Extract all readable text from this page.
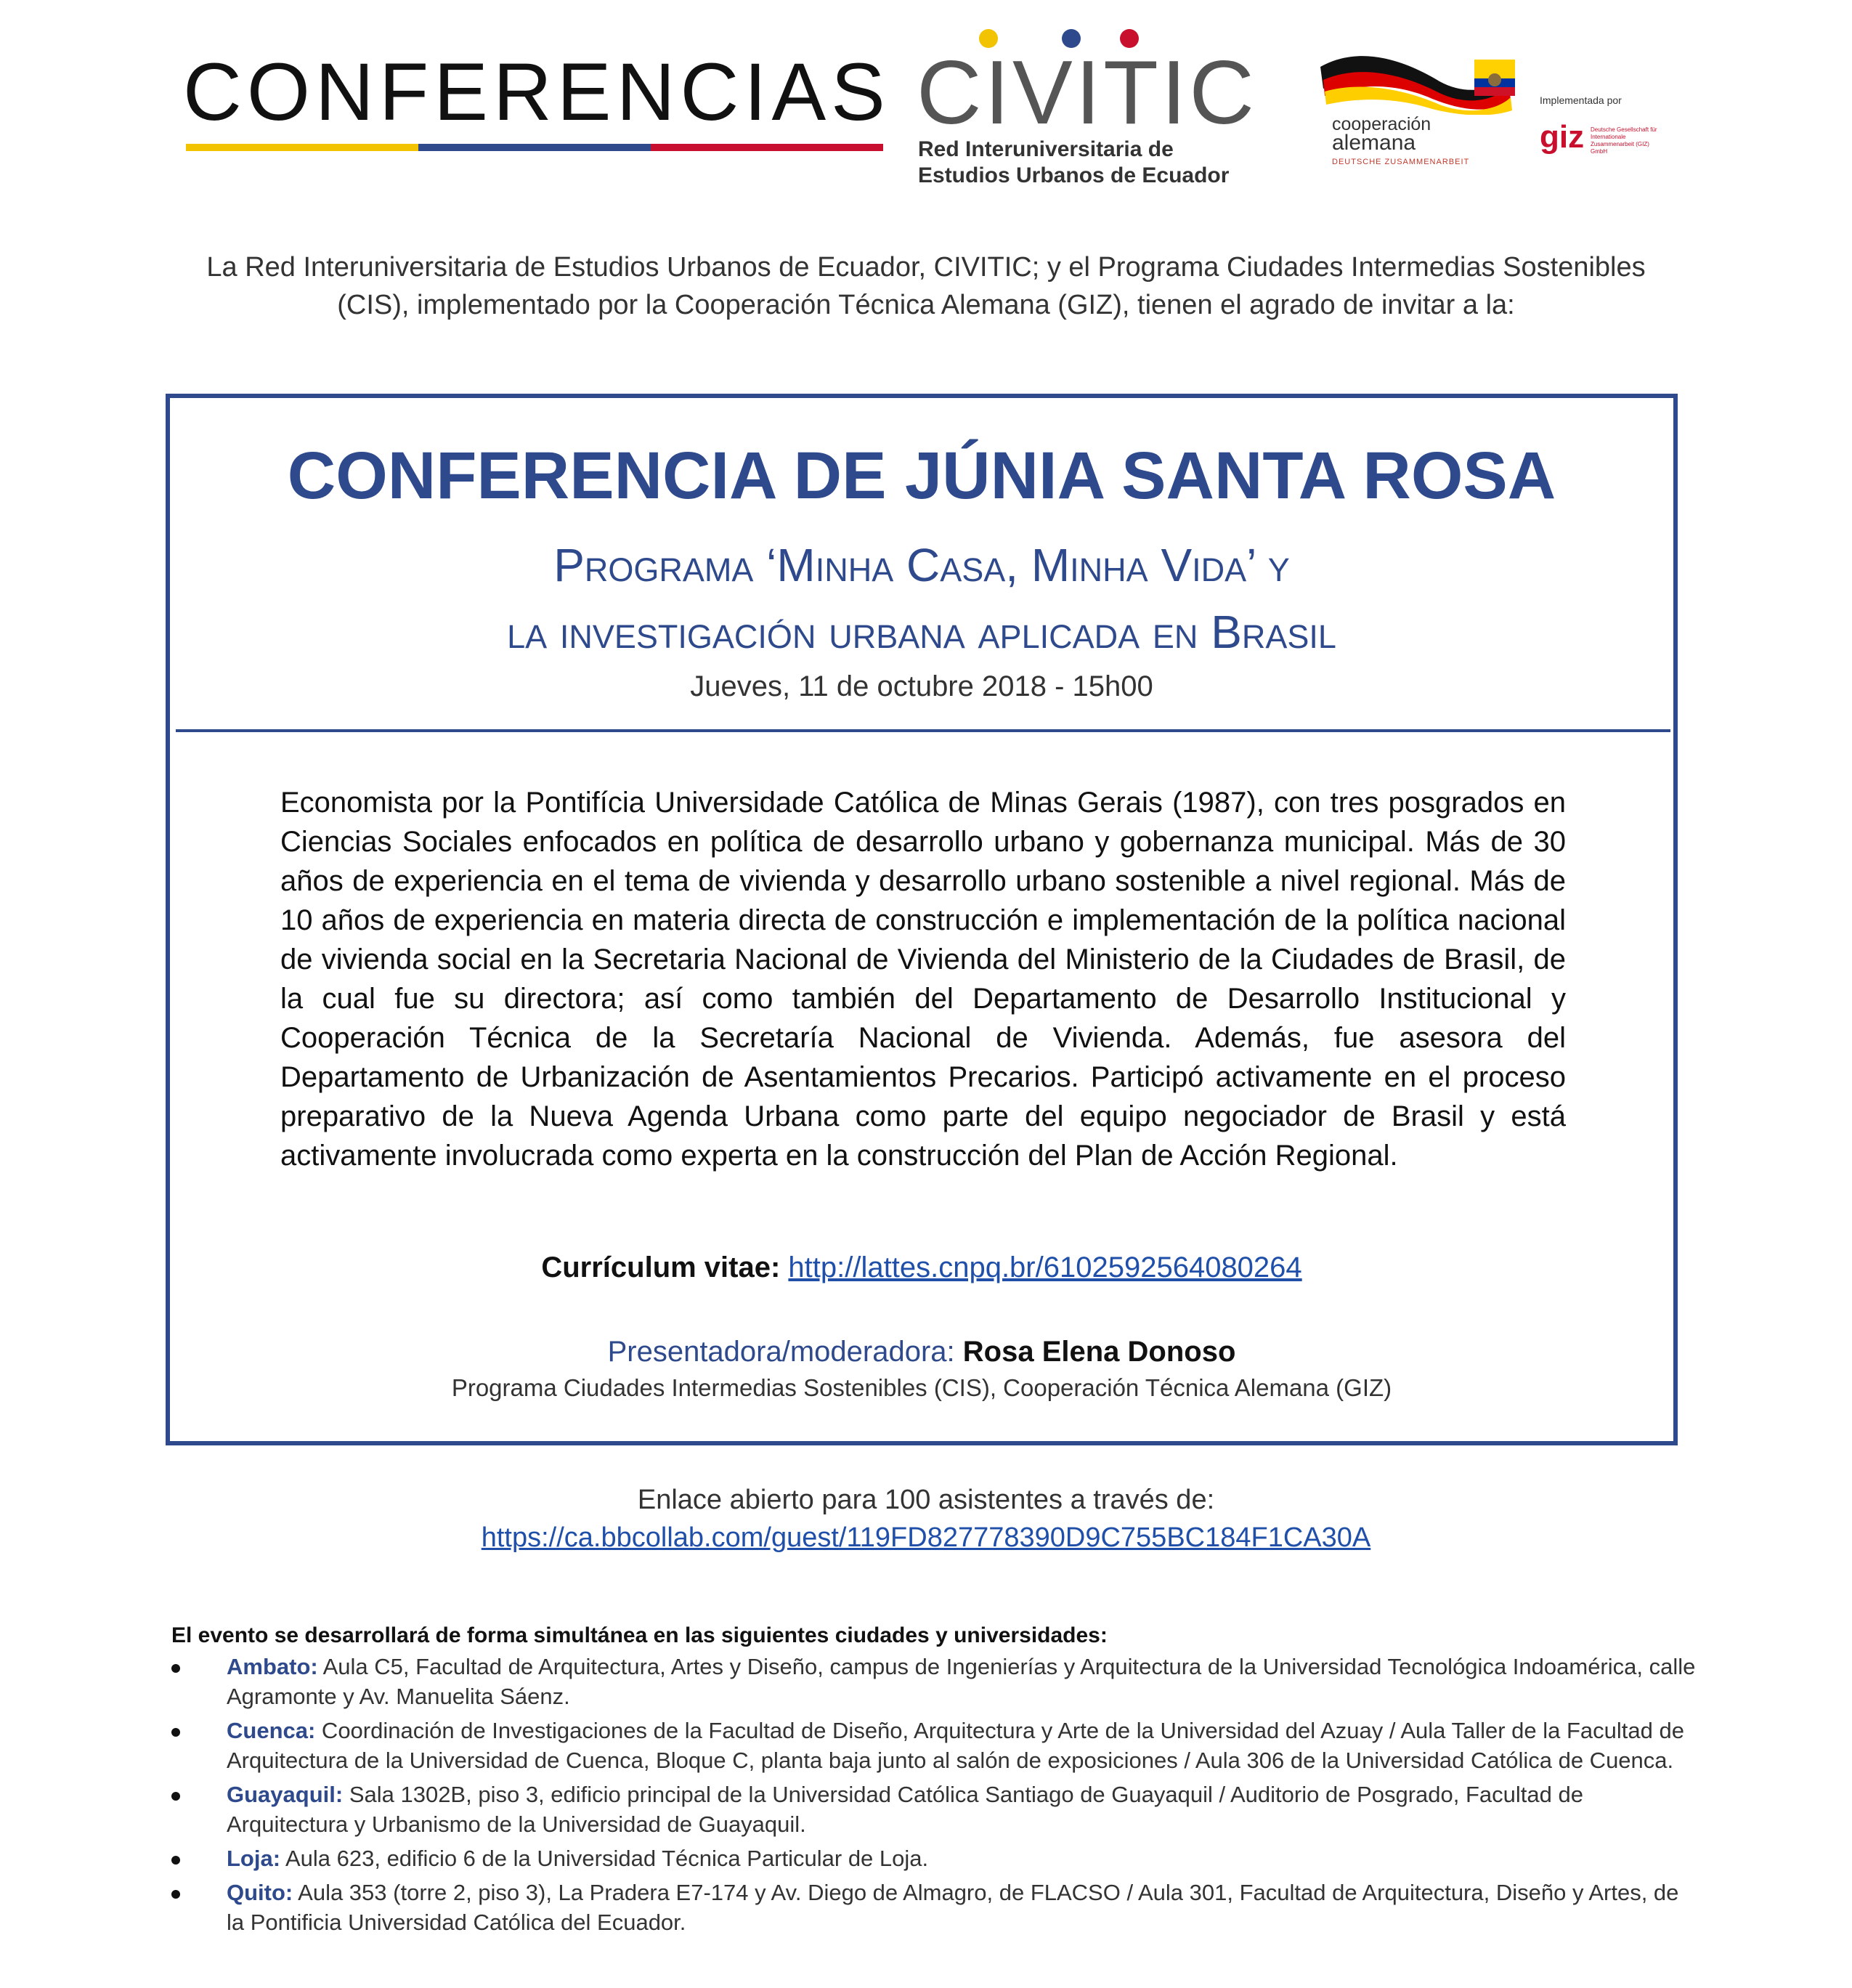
CONFERENCIAS CIVITIC
Red Interuniversitaria de
Estudios Urbanos de Ecuador
cooperación
alemana
DEUTSCHE ZUSAMMENARBEIT
Implementada por
giz Deutsche Gesellschaft für Internationale Zusammenarbeit (GIZ) GmbH
La Red Interuniversitaria de Estudios Urbanos de Ecuador, CIVITIC; y el Programa Ciudades Intermedias Sostenibles (CIS), implementado por la Cooperación Técnica Alemana (GIZ), tienen el agrado de invitar a la:
CONFERENCIA DE JÚNIA SANTA ROSA
Programa ‘Minha Casa, Minha Vida’ y
la investigación urbana aplicada en Brasil
Jueves, 11 de octubre 2018 - 15h00
Economista por la Pontifícia Universidade Católica de Minas Gerais (1987), con tres posgrados en Ciencias Sociales enfocados en política de desarrollo urbano y gobernanza municipal. Más de 30 años de experiencia en el tema de vivienda y desarrollo urbano sostenible a nivel regional. Más de 10 años de experiencia en materia directa de construcción e implementación de la política nacional de vivienda social en la Secretaria Nacional de Vivienda del Ministerio de la Ciudades de Brasil, de la cual fue su directora; así como también del Departamento de Desarrollo Institucional y Cooperación Técnica de la Secretaría Nacional de Vivienda. Además, fue asesora del Departamento de Urbanización de Asentamientos Precarios. Participó activamente en el proceso preparativo de la Nueva Agenda Urbana como parte del equipo negociador de Brasil y está activamente involucrada como experta en la construcción del Plan de Acción Regional.
Currículum vitae: http://lattes.cnpq.br/6102592564080264
Presentadora/moderadora: Rosa Elena Donoso
Programa Ciudades Intermedias Sostenibles (CIS), Cooperación Técnica Alemana (GIZ)
Enlace abierto para 100 asistentes a través de:
https://ca.bbcollab.com/guest/119FD827778390D9C755BC184F1CA30A
El evento se desarrollará de forma simultánea en las siguientes ciudades y universidades:
Ambato: Aula C5, Facultad de Arquitectura, Artes y Diseño, campus de Ingenierías y Arquitectura de la Universidad Tecnológica Indoamérica, calle Agramonte y Av. Manuelita Sáenz.
Cuenca: Coordinación de Investigaciones de la Facultad de Diseño, Arquitectura y Arte de la Universidad del Azuay / Aula Taller de la Facultad de Arquitectura de la Universidad de Cuenca, Bloque C, planta baja junto al salón de exposiciones / Aula 306 de la Universidad Católica de Cuenca.
Guayaquil: Sala 1302B, piso 3, edificio principal de la Universidad Católica Santiago de Guayaquil / Auditorio de Posgrado, Facultad de Arquitectura y Urbanismo de la Universidad de Guayaquil.
Loja: Aula 623, edificio 6 de la Universidad Técnica Particular de Loja.
Quito: Aula 353 (torre 2, piso 3), La Pradera E7-174 y Av. Diego de Almagro, de FLACSO / Aula 301, Facultad de Arquitectura, Diseño y Artes, de la Pontificia Universidad Católica del Ecuador.
